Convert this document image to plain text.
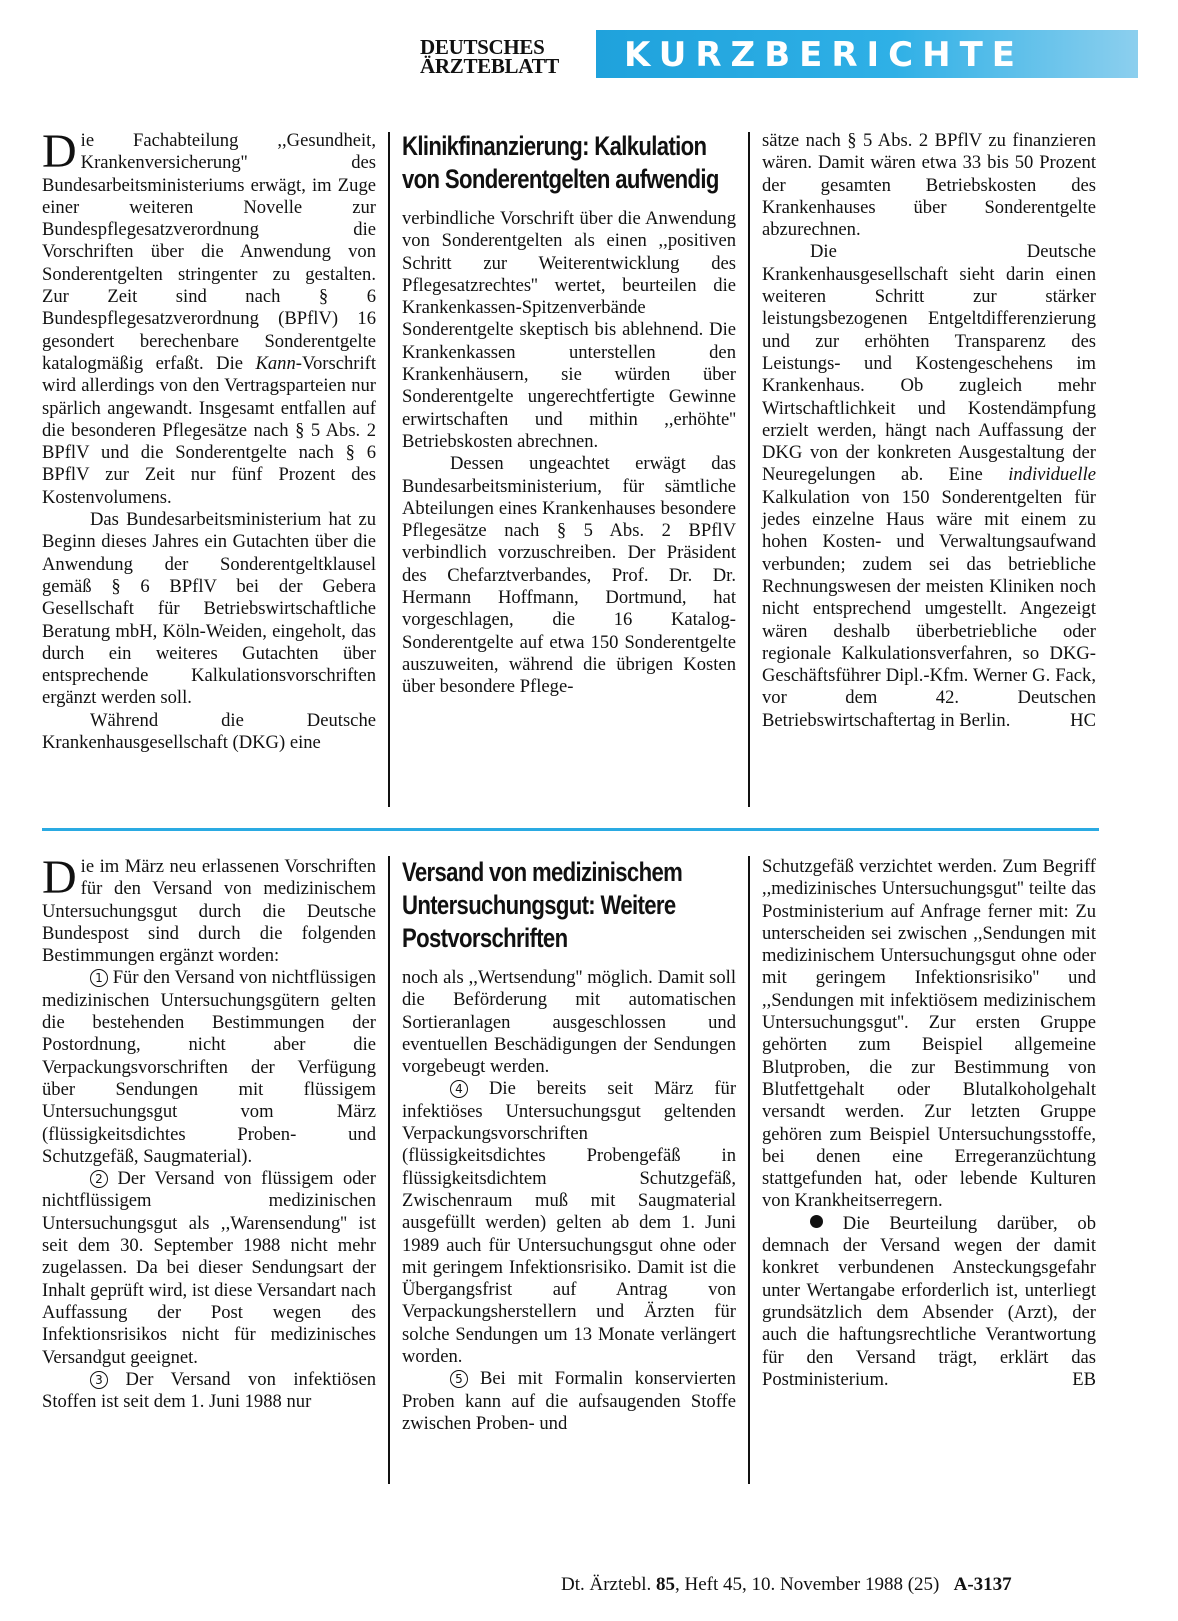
DEUTSCHES
ÄRZTEBLATT	KURZBERICHTE

Die Fachabteilung ,,Gesundheit, Krankenversicherung'' des Bundesarbeitsministeriums erwägt, im Zuge einer weiteren Novelle zur Bundespflegesatzverordnung die Vorschriften über die Anwendung von Sonderentgelten stringenter zu gestalten. Zur Zeit sind nach § 6 Bundespflegesatzverordnung (BPflV) 16 gesondert berechenbare Sonderentgelte katalogmäßig erfaßt. Die Kann-Vorschrift wird allerdings von den Vertragsparteien nur spärlich angewandt. Insgesamt entfallen auf die besonderen Pflegesätze nach § 5 Abs. 2 BPflV und die Sonderentgelte nach § 6 BPflV zur Zeit nur fünf Prozent des Kostenvolumens.

Das Bundesarbeitsministerium hat zu Beginn dieses Jahres ein Gutachten über die Anwendung der Sonderentgeltklausel gemäß § 6 BPflV bei der Gebera Gesellschaft für Betriebswirtschaftliche Beratung mbH, Köln-Weiden, eingeholt, das durch ein weiteres Gutachten über entsprechende Kalkulationsvorschriften ergänzt werden soll.

Während die Deutsche Krankenhausgesellschaft (DKG) eine

Klinikfinanzierung: Kalkulation von Sonderentgelten aufwendig

verbindliche Vorschrift über die Anwendung von Sonderentgelten als einen ,,positiven Schritt zur Weiterentwicklung des Pflegesatzrechtes'' wertet, beurteilen die Krankenkassen-Spitzenverbände Sonderentgelte skeptisch bis ablehnend. Die Krankenkassen unterstellen den Krankenhäusern, sie würden über Sonderentgelte ungerechtfertigte Gewinne erwirtschaften und mithin ,,erhöhte'' Betriebskosten abrechnen.

Dessen ungeachtet erwägt das Bundesarbeitsministerium, für sämtliche Abteilungen eines Krankenhauses besondere Pflegesätze nach § 5 Abs. 2 BPflV verbindlich vorzuschreiben. Der Präsident des Chefarztverbandes, Prof. Dr. Dr. Hermann Hoffmann, Dortmund, hat vorgeschlagen, die 16 Katalog-Sonderentgelte auf etwa 150 Sonderentgelte auszuweiten, während die übrigen Kosten über besondere Pflege-

sätze nach § 5 Abs. 2 BPflV zu finanzieren wären. Damit wären etwa 33 bis 50 Prozent der gesamten Betriebskosten des Krankenhauses über Sonderentgelte abzurechnen.

Die Deutsche Krankenhausgesellschaft sieht darin einen weiteren Schritt zur stärker leistungsbezogenen Entgeltdifferenzierung und zur erhöhten Transparenz des Leistungs- und Kostengeschehens im Krankenhaus. Ob zugleich mehr Wirtschaftlichkeit und Kostendämpfung erzielt werden, hängt nach Auffassung der DKG von der konkreten Ausgestaltung der Neuregelungen ab. Eine individuelle Kalkulation von 150 Sonderentgelten für jedes einzelne Haus wäre mit einem zu hohen Kosten- und Verwaltungsaufwand verbunden; zudem sei das betriebliche Rechnungswesen der meisten Kliniken noch nicht entsprechend umgestellt. Angezeigt wären deshalb überbetriebliche oder regionale Kalkulationsverfahren, so DKG-Geschäftsführer Dipl.-Kfm. Werner G. Fack, vor dem 42. Deutschen Betriebswirtschaftertag in Berlin.	HC

Die im März neu erlassenen Vorschriften für den Versand von medizinischem Untersuchungsgut durch die Deutsche Bundespost sind durch die folgenden Bestimmungen ergänzt worden:

1 Für den Versand von nichtflüssigen medizinischen Untersuchungsgütern gelten die bestehenden Bestimmungen der Postordnung, nicht aber die Verpackungsvorschriften der Verfügung über Sendungen mit flüssigem Untersuchungsgut vom März (flüssigkeitsdichtes Proben- und Schutzgefäß, Saugmaterial).

2 Der Versand von flüssigem oder nichtflüssigem medizinischen Untersuchungsgut als ,,Warensendung'' ist seit dem 30. September 1988 nicht mehr zugelassen. Da bei dieser Sendungsart der Inhalt geprüft wird, ist diese Versandart nach Auffassung der Post wegen des Infektionsrisikos nicht für medizinisches Versandgut geeignet.

3 Der Versand von infektiösen Stoffen ist seit dem 1. Juni 1988 nur

Versand von medizinischem Untersuchungsgut: Weitere Postvorschriften

noch als ,,Wertsendung'' möglich. Damit soll die Beförderung mit automatischen Sortieranlagen ausgeschlossen und eventuellen Beschädigungen der Sendungen vorgebeugt werden.

4 Die bereits seit März für infektiöses Untersuchungsgut geltenden Verpackungsvorschriften (flüssigkeitsdichtes Probengefäß in flüssigkeitsdichtem Schutzgefäß, Zwischenraum muß mit Saugmaterial ausgefüllt werden) gelten ab dem 1. Juni 1989 auch für Untersuchungsgut ohne oder mit geringem Infektionsrisiko. Damit ist die Übergangsfrist auf Antrag von Verpackungsherstellern und Ärzten für solche Sendungen um 13 Monate verlängert worden.

5 Bei mit Formalin konservierten Proben kann auf die aufsaugenden Stoffe zwischen Proben- und

Schutzgefäß verzichtet werden. Zum Begriff ,,medizinisches Untersuchungsgut'' teilte das Postministerium auf Anfrage ferner mit: Zu unterscheiden sei zwischen ,,Sendungen mit medizinischem Untersuchungsgut ohne oder mit geringem Infektionsrisiko'' und ,,Sendungen mit infektiösem medizinischem Untersuchungsgut''. Zur ersten Gruppe gehörten zum Beispiel allgemeine Blutproben, die zur Bestimmung von Blutfettgehalt oder Blutalkoholgehalt versandt werden. Zur letzten Gruppe gehören zum Beispiel Untersuchungsstoffe, bei denen eine Erregeranzüchtung stattgefunden hat, oder lebende Kulturen von Krankheitserregern.

Die Beurteilung darüber, ob demnach der Versand wegen der damit konkret verbundenen Ansteckungsgefahr unter Wertangabe erforderlich ist, unterliegt grundsätzlich dem Absender (Arzt), der auch die haftungsrechtliche Verantwortung für den Versand trägt, erklärt das Postministerium.	EB

Dt. Ärztebl. 85, Heft 45, 10. November 1988 (25) A-3137
